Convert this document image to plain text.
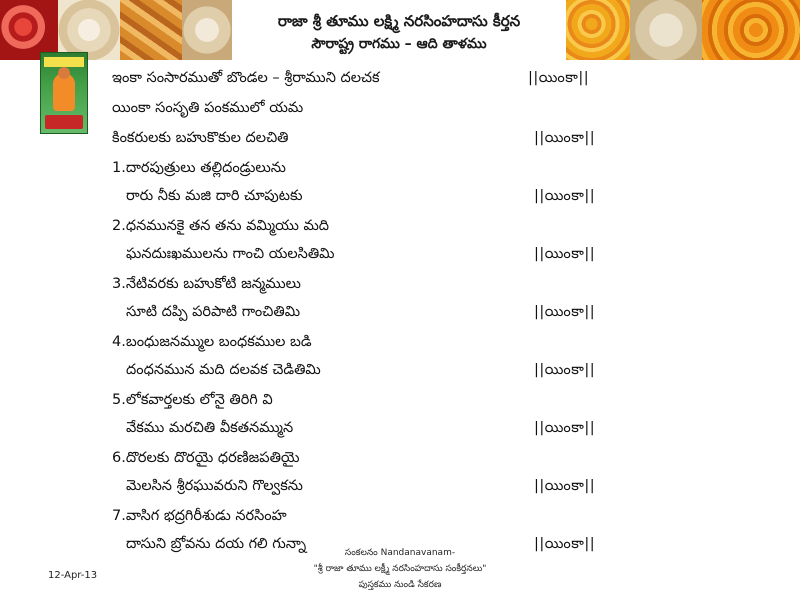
రాజా శ్రీ తూము లక్ష్మి నరసింహదాసు కీర్తన
సౌరాష్ట్ర రాగము – ఆది తాళము
ఇంకా సంసారముతో బొండల – శ్రీరాముని దలచక	||యింకా||
యింకా సంసృతి పంకములో యమ
కింకరులకు బహుకొకుల దలచితి	||యింకా||
1.దారపుత్రులు తల్లిదండ్రులును
రారు నీకు మజి దారి చూపుటకు	||యింకా||
2.ధనమునకై తన తను వమ్మియు మది
ఘనదుఃఖములను గాంచి యలసితిమి	||యింకా||
3.నేటివరకు బహుకోటి జన్మములు
సూటి దప్పి పరిపాటి గాంచితిమి	||యింకా||
4.బంధుజనమ్ముల బంధకముల బడి
దంధనమున మది దలవక చెడితిమి	||యింకా||
5.లోకవార్తలకు లోనై తిరిగి వి
వేకము మరచితి వీకతనమ్మున	||యింకా||
6.దొరలకు దొరయై ధరణిజపతియై
మెలసిన శ్రీరఘువరుని గొల్వకను	||యింకా||
7.వాసిగ భద్రగిరీశుడు నరసింహ
దాసుని బ్రోవను దయ గలి గున్నా	||యింకా||
12-Apr-13
సంకలనం Nandanavanam-
"శ్రీ రాజా తూము లక్ష్మీ నరసింహదాసు సంకీర్తనలు"
పుస్తకము నుండి సేకరణ
